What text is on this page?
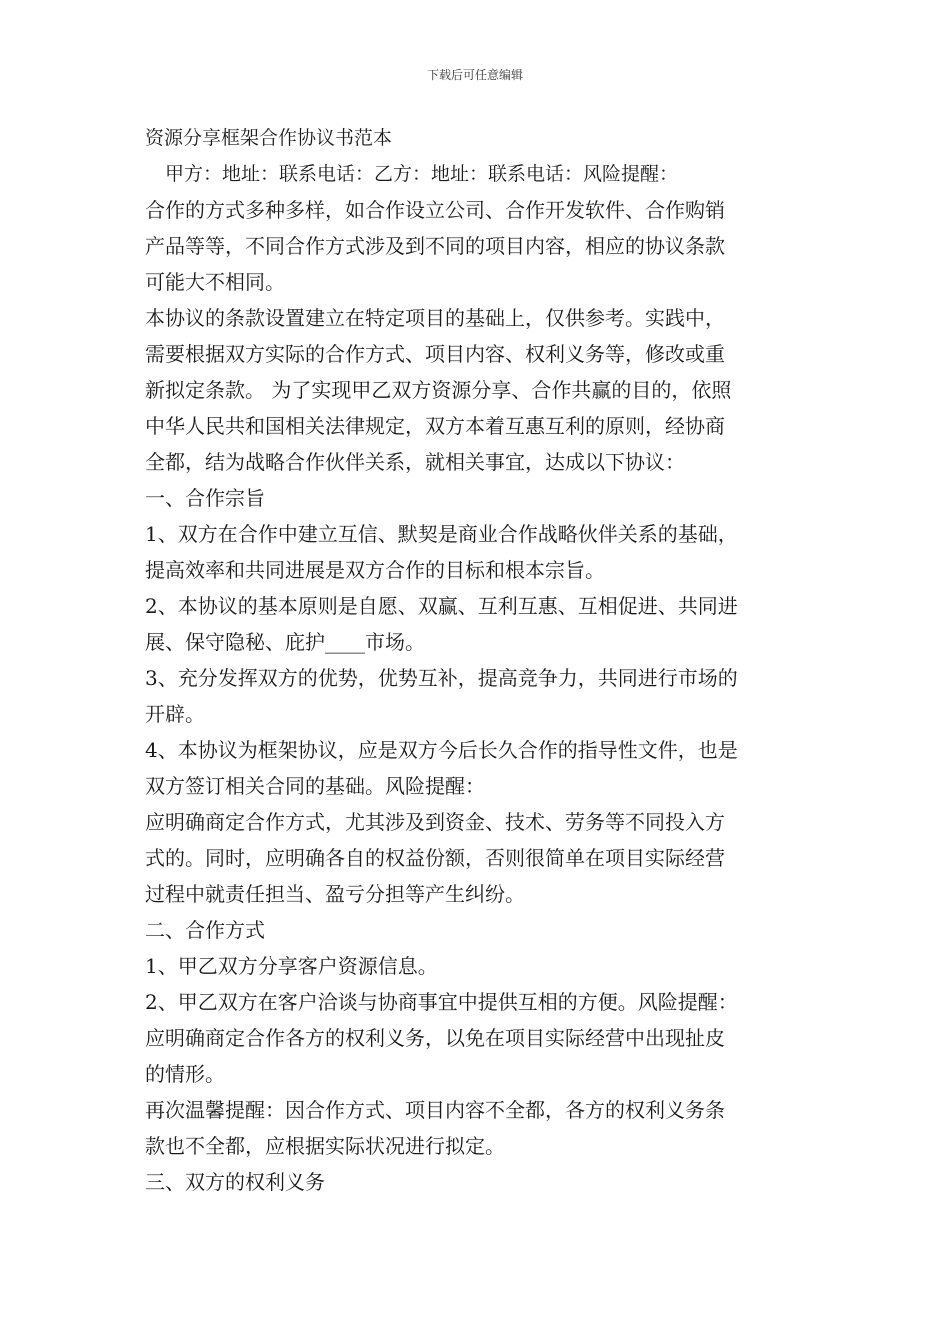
下载后可任意编辑
资源分享框架合作协议书范本
甲方：地址：联系电话：乙方：地址：联系电话：风险提醒：
合作的方式多种多样，如合作设立公司、合作开发软件、合作购销
产品等等，不同合作方式涉及到不同的项目内容，相应的协议条款
可能大不相同。
本协议的条款设置建立在特定项目的基础上，仅供参考。实践中，
需要根据双方实际的合作方式、项目内容、权利义务等，修改或重
新拟定条款。 为了实现甲乙双方资源分享、合作共赢的目的，依照
中华人民共和国相关法律规定，双方本着互惠互利的原则，经协商
全都，结为战略合作伙伴关系，就相关事宜，达成以下协议：
一、合作宗旨
1、双方在合作中建立互信、默契是商业合作战略伙伴关系的基础，
提高效率和共同进展是双方合作的目标和根本宗旨。
2、本协议的基本原则是自愿、双赢、互利互惠、互相促进、共同进
展、保守隐秘、庇护____市场。
3、充分发挥双方的优势，优势互补，提高竞争力，共同进行市场的
开辟。
4、本协议为框架协议，应是双方今后长久合作的指导性文件，也是
双方签订相关合同的基础。风险提醒：
应明确商定合作方式，尤其涉及到资金、技术、劳务等不同投入方
式的。同时，应明确各自的权益份额，否则很简单在项目实际经营
过程中就责任担当、盈亏分担等产生纠纷。
二、合作方式
1、甲乙双方分享客户资源信息。
2、甲乙双方在客户洽谈与协商事宜中提供互相的方便。风险提醒：
应明确商定合作各方的权利义务，以免在项目实际经营中出现扯皮
的情形。
再次温馨提醒：因合作方式、项目内容不全都，各方的权利义务条
款也不全都，应根据实际状况进行拟定。
三、双方的权利义务
